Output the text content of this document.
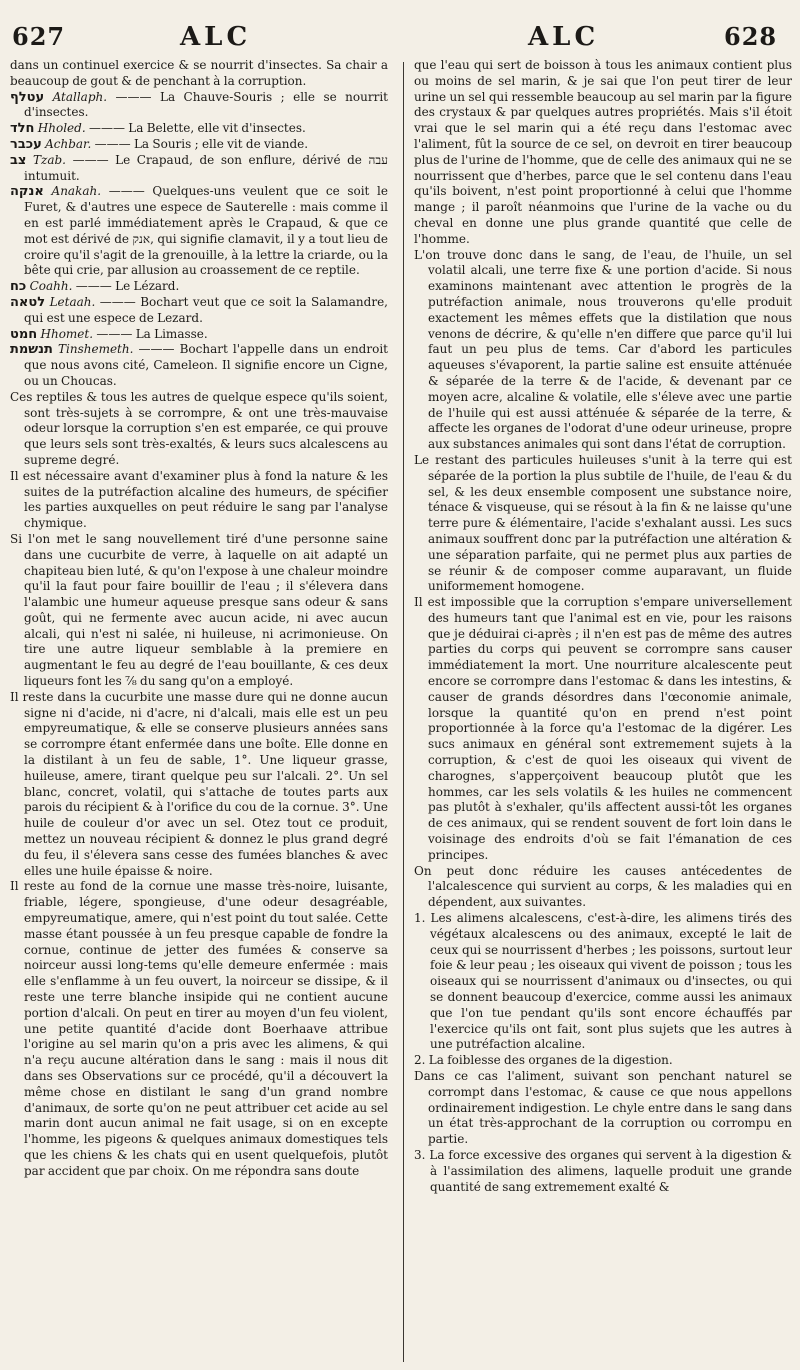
627	ALC	ALC	628

dans un continuel exercice & se nourrit d'insectes. Sa chair a beaucoup de gout & de penchant à la corruption.

עטלף Atallaph. ——— La Chauve-Souris ; elle se nourrit d'insectes.

חלד Hholed. ——— La Belette, elle vit d'insectes.

עכבר Achbar. ——— La Souris ; elle vit de viande.

צב Tzab. ——— Le Crapaud, de son enflure, dérivé de עבה intumuit.

אנקה Anakah. ——— Quelques-uns veulent que ce soit le Furet, & d'autres une espece de Sauterelle : mais comme il en est parlé immédiatement après le Crapaud, & que ce mot est dérivé de אנק, qui signifie clamavit, il y a tout lieu de croire qu'il s'agit de la grenouille, à la lettre la criarde, ou la bête qui crie, par allusion au croassement de ce reptile.

כח Coahh. ——— Le Lézard.

לטאה Letaah. ——— Bochart veut que ce soit la Salamandre, qui est une espece de Lezard.

חמט Hhomet. ——— La Limasse.

תנשמת Tinshemeth. ——— Bochart l'appelle dans un endroit que nous avons cité, Cameleon. Il signifie encore un Cigne, ou un Choucas.

Ces reptiles & tous les autres de quelque espece qu'ils soient, sont très-sujets à se corrompre, & ont une très-mauvaise odeur lorsque la corruption s'en est emparée, ce qui prouve que leurs sels sont très-exaltés, & leurs sucs alcalescens au supreme degré.

Il est nécessaire avant d'examiner plus à fond la nature & les suites de la putréfaction alcaline des humeurs, de spécifier les parties auxquelles on peut réduire le sang par l'analyse chymique.

Si l'on met le sang nouvellement tiré d'une personne saine dans une cucurbite de verre, à laquelle on ait adapté un chapiteau bien luté, & qu'on l'expose à une chaleur moindre qu'il la faut pour faire bouillir de l'eau ; il s'élevera dans l'alambic une humeur aqueuse presque sans odeur & sans goût, qui ne fermente avec aucun acide, ni avec aucun alcali, qui n'est ni salée, ni huileuse, ni acrimonieuse. On tire une autre liqueur semblable à la premiere en augmentant le feu au degré de l'eau bouillante, & ces deux liqueurs font les ⅞ du sang qu'on a employé.

Il reste dans la cucurbite une masse dure qui ne donne aucun signe ni d'acide, ni d'acre, ni d'alcali, mais elle est un peu empyreumatique, & elle se conserve plusieurs années sans se corrompre étant enfermée dans une boîte. Elle donne en la distilant à un feu de sable, 1°. Une liqueur grasse, huileuse, amere, tirant quelque peu sur l'alcali. 2°. Un sel blanc, concret, volatil, qui s'attache de toutes parts aux parois du récipient & à l'orifice du cou de la cornue. 3°. Une huile de couleur d'or avec un sel. Otez tout ce produit, mettez un nouveau récipient & donnez le plus grand degré du feu, il s'élevera sans cesse des fumées blanches & avec elles une huile épaisse & noire.

Il reste au fond de la cornue une masse très-noire, luisante, friable, légere, spongieuse, d'une odeur desagréable, empyreumatique, amere, qui n'est point du tout salée. Cette masse étant poussée à un feu presque capable de fondre la cornue, continue de jetter des fumées & conserve sa noirceur aussi long-tems qu'elle demeure enfermée : mais elle s'enflamme à un feu ouvert, la noirceur se dissipe, & il reste une terre blanche insipide qui ne contient aucune portion d'alcali. On peut en tirer au moyen d'un feu violent, une petite quantité d'acide dont Boerhaave attribue l'origine au sel marin qu'on a pris avec les alimens, & qui n'a reçu aucune altération dans le sang : mais il nous dit dans ses Observations sur ce procédé, qu'il a découvert la même chose en distilant le sang d'un grand nombre d'animaux, de sorte qu'on ne peut attribuer cet acide au sel marin dont aucun animal ne fait usage, si on en excepte l'homme, les pigeons & quelques animaux domestiques tels que les chiens & les chats qui en usent quelquefois, plutôt par accident que par choix. On me répondra sans doute

que l'eau qui sert de boisson à tous les animaux contient plus ou moins de sel marin, & je sai que l'on peut tirer de leur urine un sel qui ressemble beaucoup au sel marin par la figure des crystaux & par quelques autres propriétés. Mais s'il étoit vrai que le sel marin qui a été reçu dans l'estomac avec l'aliment, fût la source de ce sel, on devroit en tirer beaucoup plus de l'urine de l'homme, que de celle des animaux qui ne se nourrissent que d'herbes, parce que le sel contenu dans l'eau qu'ils boivent, n'est point proportionné à celui que l'homme mange ; il paroît néanmoins que l'urine de la vache ou du cheval en donne une plus grande quantité que celle de l'homme.

L'on trouve donc dans le sang, de l'eau, de l'huile, un sel volatil alcali, une terre fixe & une portion d'acide. Si nous examinons maintenant avec attention le progrès de la putréfaction animale, nous trouverons qu'elle produit exactement les mêmes effets que la distilation que nous venons de décrire, & qu'elle n'en differe que parce qu'il lui faut un peu plus de tems. Car d'abord les particules aqueuses s'évaporent, la partie saline est ensuite atténuée & séparée de la terre & de l'acide, & devenant par ce moyen acre, alcaline & volatile, elle s'éleve avec une partie de l'huile qui est aussi atténuée & séparée de la terre, & affecte les organes de l'odorat d'une odeur urineuse, propre aux substances animales qui sont dans l'état de corruption.

Le restant des particules huileuses s'unit à la terre qui est séparée de la portion la plus subtile de l'huile, de l'eau & du sel, & les deux ensemble composent une substance noire, ténace & visqueuse, qui se résout à la fin & ne laisse qu'une terre pure & élémentaire, l'acide s'exhalant aussi. Les sucs animaux souffrent donc par la putréfaction une altération & une séparation parfaite, qui ne permet plus aux parties de se réunir & de composer comme auparavant, un fluide uniformement homogene.

Il est impossible que la corruption s'empare universellement des humeurs tant que l'animal est en vie, pour les raisons que je déduirai ci-après ; il n'en est pas de même des autres parties du corps qui peuvent se corrompre sans causer immédiatement la mort. Une nourriture alcalescente peut encore se corrompre dans l'estomac & dans les intestins, & causer de grands désordres dans l'œconomie animale, lorsque la quantité qu'on en prend n'est point proportionnée à la force qu'a l'estomac de la digérer. Les sucs animaux en général sont extremement sujets à la corruption, & c'est de quoi les oiseaux qui vivent de charognes, s'apperçoivent beaucoup plutôt que les hommes, car les sels volatils & les huiles ne commencent pas plutôt à s'exhaler, qu'ils affectent aussi-tôt les organes de ces animaux, qui se rendent souvent de fort loin dans le voisinage des endroits d'où se fait l'émanation de ces principes.

On peut donc réduire les causes antécedentes de l'alcalescence qui survient au corps, & les maladies qui en dépendent, aux suivantes.

1. Les alimens alcalescens, c'est-à-dire, les alimens tirés des végétaux alcalescens ou des animaux, excepté le lait de ceux qui se nourrissent d'herbes ; les poissons, surtout leur foie & leur peau ; les oiseaux qui vivent de poisson ; tous les oiseaux qui se nourrissent d'animaux ou d'insectes, ou qui se donnent beaucoup d'exercice, comme aussi les animaux que l'on tue pendant qu'ils sont encore échauffés par l'exercice qu'ils ont fait, sont plus sujets que les autres à une putréfaction alcaline.

2. La foiblesse des organes de la digestion.

Dans ce cas l'aliment, suivant son penchant naturel se corrompt dans l'estomac, & cause ce que nous appellons ordinairement indigestion. Le chyle entre dans le sang dans un état très-approchant de la corruption ou corrompu en partie.

3. La force excessive des organes qui servent à la digestion & à l'assimilation des alimens, laquelle produit une grande quantité de sang extremement exalté &
